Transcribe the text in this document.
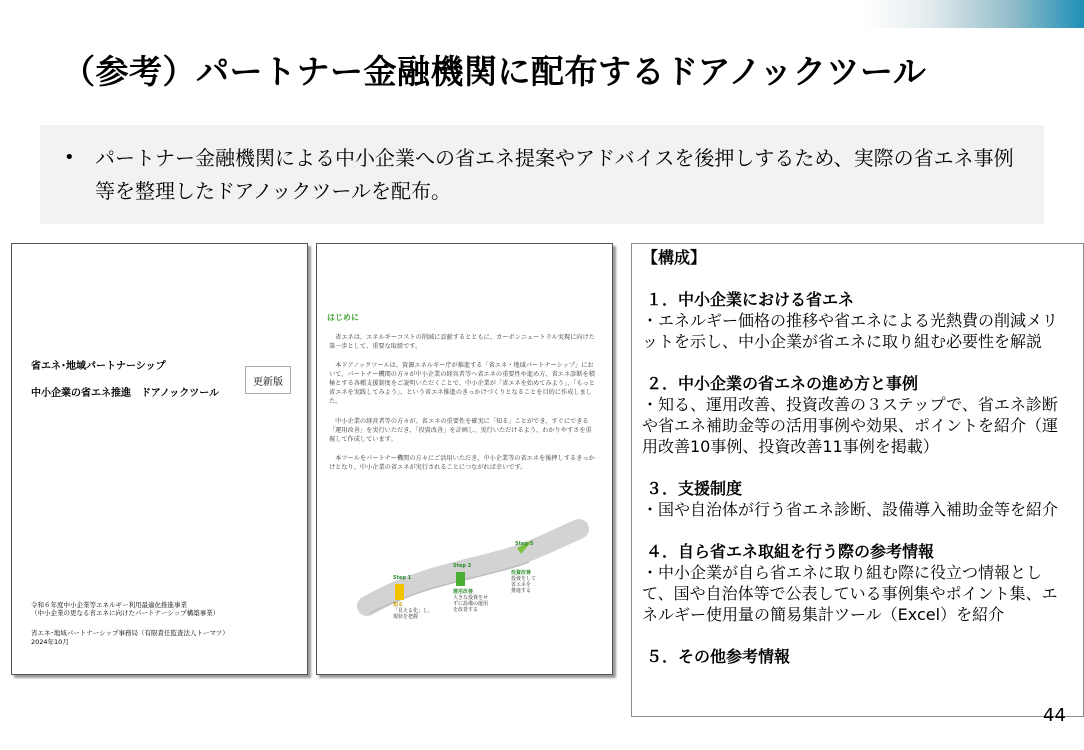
（参考）パートナー金融機関に配布するドアノックツール
• パートナー金融機関による中小企業への省エネ提案やアドバイスを後押しするため、実際の省エネ事例等を整理したドアノックツールを配布。

省エネ･地域パートナーシップ
中小企業の省エネ推進　ドアノックツール
更新版
令和６年度中小企業等エネルギー利用最適化推進事業
（中小企業の更なる省エネに向けたパートナーシップ構築事業）
省エネ･地域パートナーシップ事務局（有限責任監査法人トーマツ）
2024年10月
はじめに

　省エネは、エネルギーコストの削減に貢献するとともに、カーボンニュートラル実現に向けた第一歩として、重要な取組です。

　本ドアノックツールは、資源エネルギー庁が推進する「省エネ・地域パートナーシップ」において、パートナー機関の方々が中小企業の経営者等へ省エネの重要性や進め方、省エネ診断を積極とする各種支援制度をご説明いただくことで、中小企業が「省エネを始めてみよう」、「もっと省エネを実践してみよう」、という省エネ推進のきっかけづくりとなることを目的に作成しました。

　中小企業の経営者等の方々が、省エネの重要性を確実に「知る」ことができ、すぐにできる「運用改善」を実行いただき、「投資改善」を計画し、実行いただけるよう、わかりやすさを重視して作成しています。

　本ツールをパートナー機関の方々にご活用いただき、中小企業等の省エネを後押しするきっかけとなり、中小企業の省エネが実行されることにつながれば幸いです。

Step 1
知る
「見える化」し、
現状を把握
Step 2
運用改善
大きな投資をせ
ずに設備の運用
を改善する
Step 3
投資改善
投資をして
省エネを
推進する
【構成】
１．中小企業における省エネ
・エネルギー価格の推移や省エネによる光熱費の削減メリットを示し、中小企業が省エネに取り組む必要性を解説
２．中小企業の省エネの進め方と事例
・知る、運用改善、投資改善の３ステップで、省エネ診断や省エネ補助金等の活用事例や効果、ポイントを紹介（運用改善10事例、投資改善11事例を掲載）
３．支援制度
・国や自治体が行う省エネ診断、設備導入補助金等を紹介
４．自ら省エネ取組を行う際の参考情報
・中小企業が自ら省エネに取り組む際に役立つ情報として、国や自治体等で公表している事例集やポイント集、エネルギー使用量の簡易集計ツール（Excel）を紹介
５．その他参考情報
44
